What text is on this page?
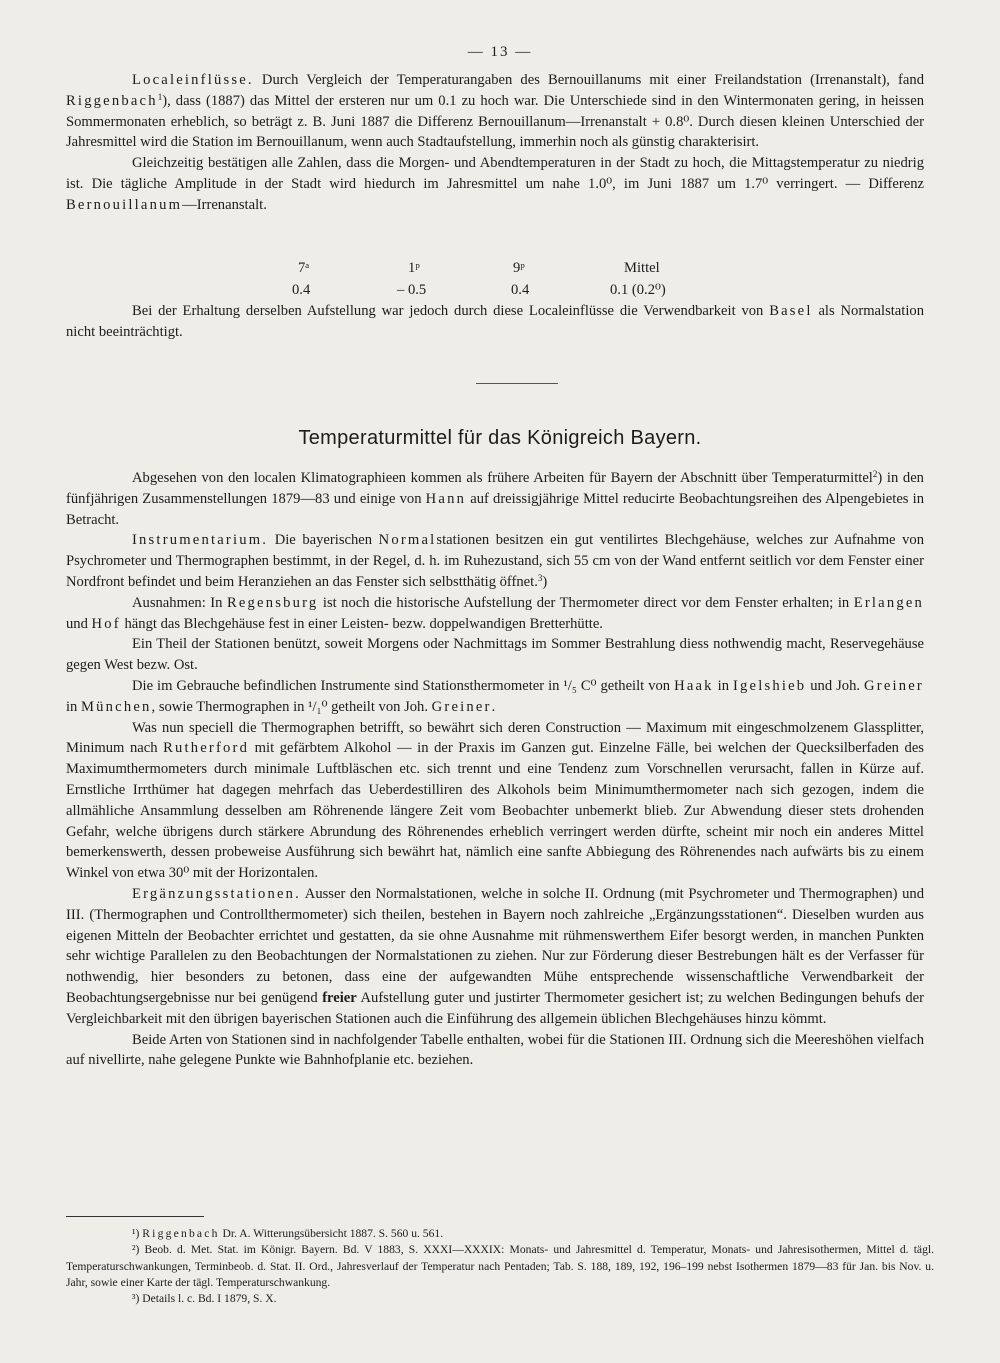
— 13 —

Localeinflüsse. Durch Vergleich der Temperaturangaben des Bernouillanums mit einer Freilandstation (Irrenanstalt), fand Riggenbach$^1$), dass (1887) das Mittel der ersteren nur um 0.1 zu hoch war. Die Unterschiede sind in den Wintermonaten gering, in heissen Sommermonaten erheblich, so beträgt z. B. Juni 1887 die Differenz Bernouillanum—Irrenanstalt + 0.8⁰. Durch diesen kleinen Unterschied der Jahresmittel wird die Station im Bernouillanum, wenn auch Stadtaufstellung, immerhin noch als günstig charakterisirt.

Gleichzeitig bestätigen alle Zahlen, dass die Morgen- und Abendtemperaturen in der Stadt zu hoch, die Mittagstemperatur zu niedrig ist. Die tägliche Amplitude in der Stadt wird hiedurch im Jahresmittel um nahe 1.0⁰, im Juni 1887 um 1.7⁰ verringert. — Differenz Bernouillanum—Irrenanstalt.

7ᵃ	1ᵖ	9ᵖ	Mittel
0.4	– 0.5	0.4	0.1 (0.2⁰)

Bei der Erhaltung derselben Aufstellung war jedoch durch diese Localeinflüsse die Verwendbarkeit von Basel als Normalstation nicht beeinträchtigt.

Temperaturmittel für das Königreich Bayern.

Abgesehen von den localen Klimatographieen kommen als frühere Arbeiten für Bayern der Abschnitt über Temperaturmittel$^2$) in den fünfjährigen Zusammenstellungen 1879—83 und einige von Hann auf dreissigjährige Mittel reducirte Beobachtungsreihen des Alpengebietes in Betracht.

Instrumentarium. Die bayerischen Normalstationen besitzen ein gut ventilirtes Blechgehäuse, welches zur Aufnahme von Psychrometer und Thermographen bestimmt, in der Regel, d. h. im Ruhezustand, sich 55 cm von der Wand entfernt seitlich vor dem Fenster einer Nordfront befindet und beim Heranziehen an das Fenster sich selbstthätig öffnet.$^3$)

Ausnahmen: In Regensburg ist noch die historische Aufstellung der Thermometer direct vor dem Fenster erhalten; in Erlangen und Hof hängt das Blechgehäuse fest in einer Leisten- bezw. doppelwandigen Bretterhütte.

Ein Theil der Stationen benützt, soweit Morgens oder Nachmittags im Sommer Bestrahlung diess nothwendig macht, Reservegehäuse gegen West bezw. Ost.

Die im Gebrauche befindlichen Instrumente sind Stationsthermometer in ¹/₅ C⁰ getheilt von Haak in Igelshieb und Joh. Greiner in München, sowie Thermographen in ¹/₁⁰ getheilt von Joh. Greiner.

Was nun speciell die Thermographen betrifft, so bewährt sich deren Construction — Maximum mit eingeschmolzenem Glassplitter, Minimum nach Rutherford mit gefärbtem Alkohol — in der Praxis im Ganzen gut. Einzelne Fälle, bei welchen der Quecksilberfaden des Maximumthermometers durch minimale Luftbläschen etc. sich trennt und eine Tendenz zum Vorschnellen verursacht, fallen in Kürze auf. Ernstliche Irrthümer hat dagegen mehrfach das Ueberdestilliren des Alkohols beim Minimumthermometer nach sich gezogen, indem die allmähliche Ansammlung desselben am Röhrenende längere Zeit vom Beobachter unbemerkt blieb. Zur Abwendung dieser stets drohenden Gefahr, welche übrigens durch stärkere Abrundung des Röhrenendes erheblich verringert werden dürfte, scheint mir noch ein anderes Mittel bemerkenswerth, dessen probeweise Ausführung sich bewährt hat, nämlich eine sanfte Abbiegung des Röhrenendes nach aufwärts bis zu einem Winkel von etwa 30⁰ mit der Horizontalen.

Ergänzungsstationen. Ausser den Normalstationen, welche in solche II. Ordnung (mit Psychrometer und Thermographen) und III. (Thermographen und Controllthermometer) sich theilen, bestehen in Bayern noch zahlreiche „Ergänzungsstationen“. Dieselben wurden aus eigenen Mitteln der Beobachter errichtet und gestatten, da sie ohne Ausnahme mit rühmenswerthem Eifer besorgt werden, in manchen Punkten sehr wichtige Parallelen zu den Beobachtungen der Normalstationen zu ziehen. Nur zur Förderung dieser Bestrebungen hält es der Verfasser für nothwendig, hier besonders zu betonen, dass eine der aufgewandten Mühe entsprechende wissenschaftliche Verwendbarkeit der Beobachtungsergebnisse nur bei genügend freier Aufstellung guter und justirter Thermometer gesichert ist; zu welchen Bedingungen behufs der Vergleichbarkeit mit den übrigen bayerischen Stationen auch die Einführung des allgemein üblichen Blechgehäuses hinzu kömmt.

Beide Arten von Stationen sind in nachfolgender Tabelle enthalten, wobei für die Stationen III. Ordnung sich die Meereshöhen vielfach auf nivellirte, nahe gelegene Punkte wie Bahnhofplanie etc. beziehen.

¹) Riggenbach Dr. A. Witterungsübersicht 1887. S. 560 u. 561.

²) Beob. d. Met. Stat. im Königr. Bayern. Bd. V 1883, S. XXXI—XXXIX: Monats- und Jahresmittel d. Temperatur, Monats- und Jahresisothermen, Mittel d. tägl. Temperaturschwankungen, Terminbeob. d. Stat. II. Ord., Jahresverlauf der Temperatur nach Pentaden; Tab. S. 188, 189, 192, 196–199 nebst Isothermen 1879—83 für Jan. bis Nov. u. Jahr, sowie einer Karte der tägl. Temperaturschwankung.

³) Details l. c. Bd. I 1879, S. X.
